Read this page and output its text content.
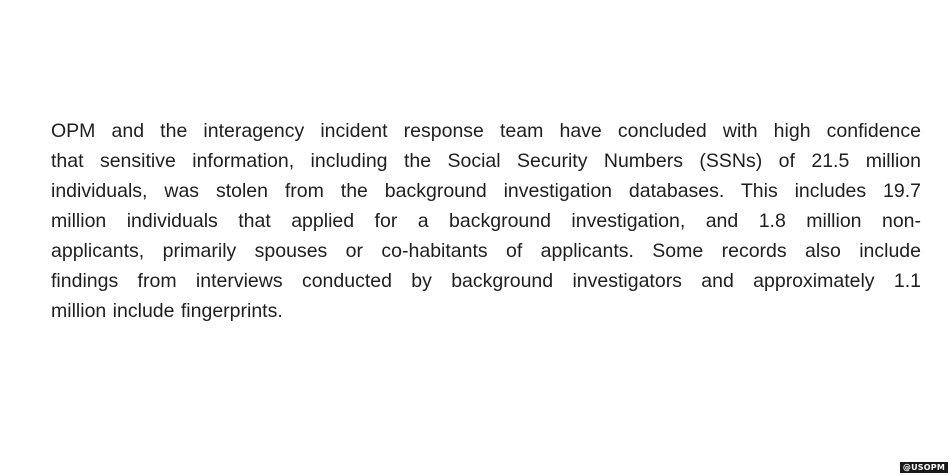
OPM and the interagency incident response team have concluded with high confidence
that sensitive information, including the Social Security Numbers (SSNs) of 21.5 million
individuals, was stolen from the background investigation databases. This includes 19.7
million individuals that applied for a background investigation, and 1.8 million non-
applicants, primarily spouses or co-habitants of applicants. Some records also include
findings from interviews conducted by background investigators and approximately 1.1
million include fingerprints.
@USOPM
